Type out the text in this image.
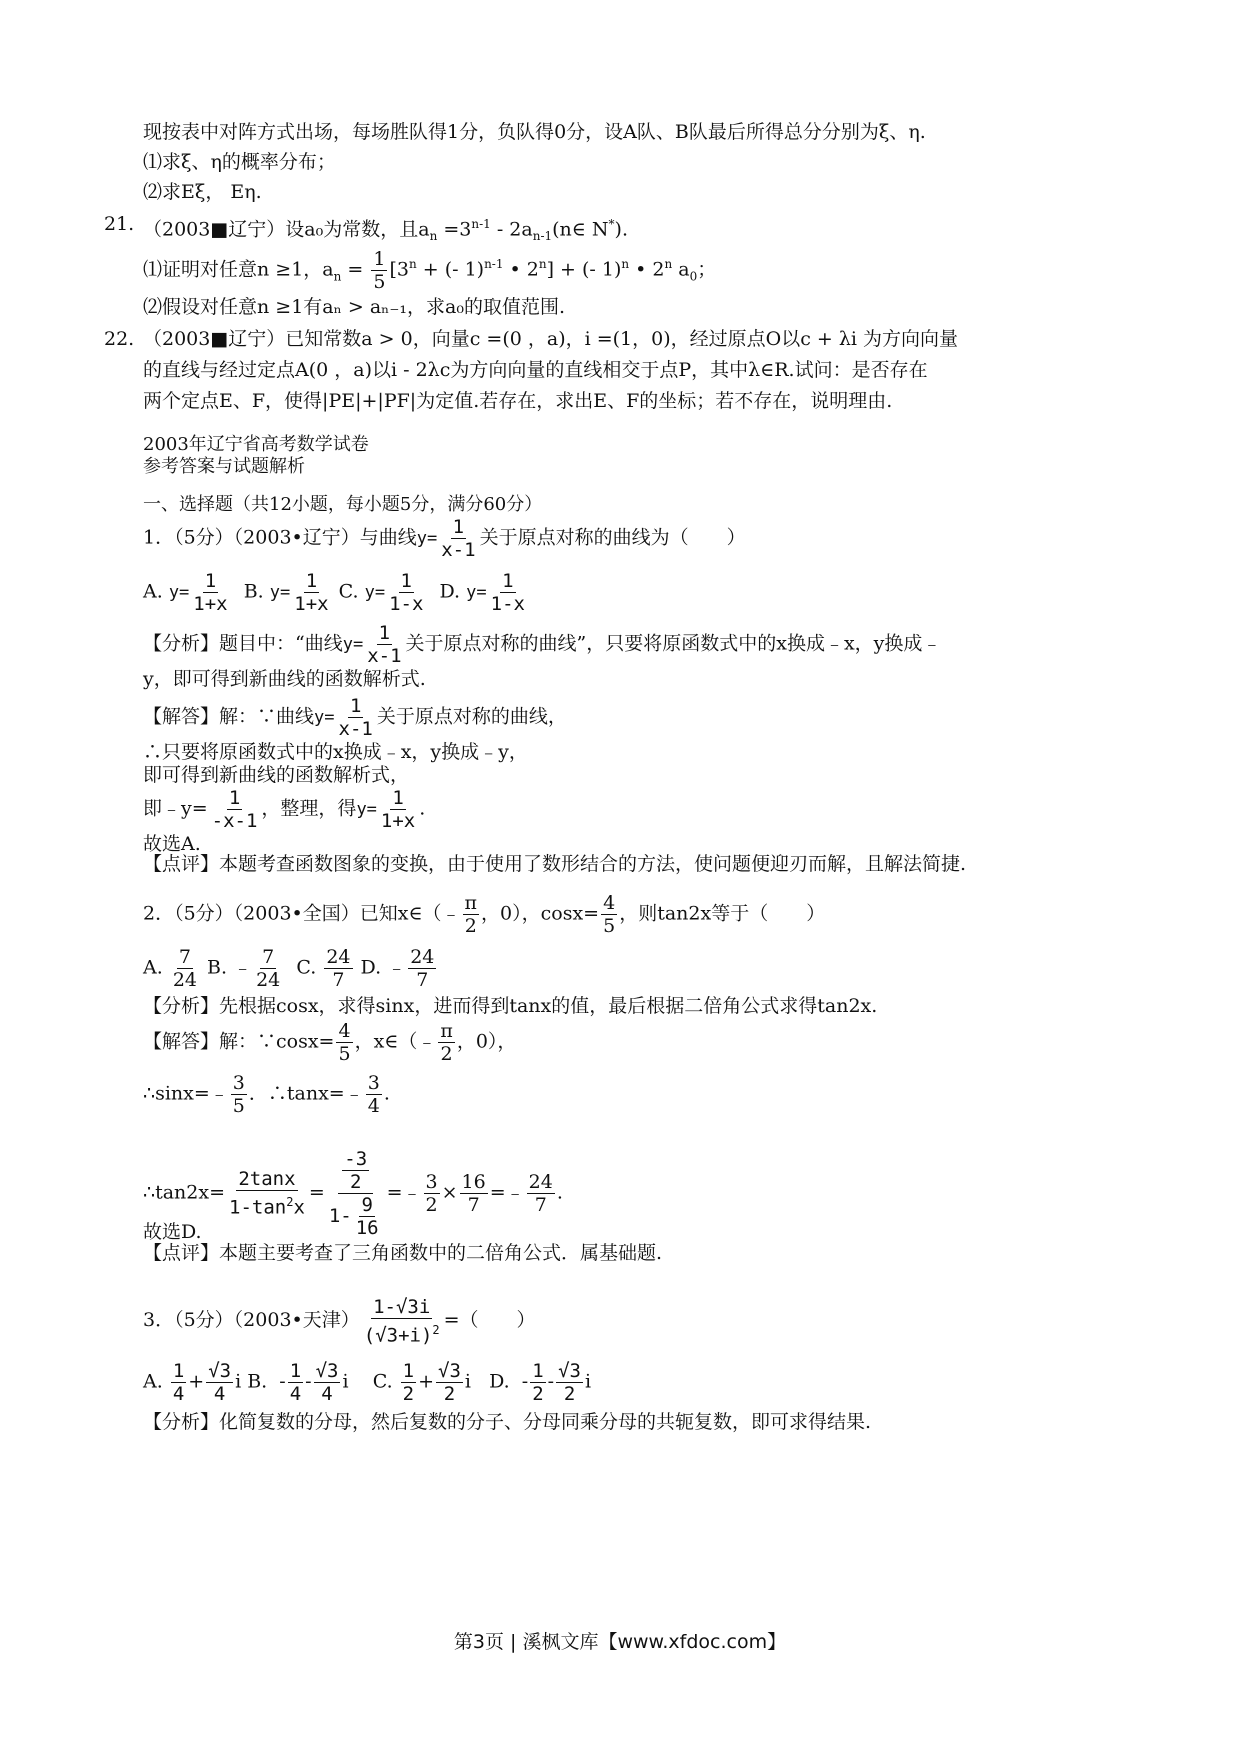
现按表中对阵方式出场，每场胜队得1分，负队得0分，设A队、B队最后所得总分分别为ξ、η.
⑴求ξ、η的概率分布；
⑵求Eξ， Eη.
21. （2003■辽宁）设a₀为常数，且$a_n =3^{n-1}$ - $2a_{n-1}(n\in$ N*).
⑴证明对任意n ≥1，$a_n = \frac{1}{5} [3^n$ + (- 1)$^{n-1}$ • $2^n$] + (- 1)$^n$ • 2$^n$ $a_0$；
⑵假设对任意n ≥1有aₙ > aₙ₋₁，求a₀的取值范围.
22. （2003■辽宁）已知常数a > 0，向量c =(0 ，a)，i =(1，0)，经过原点O以c + λi 为方向向量
的直线与经过定点A(0 ，a)以i - 2λc为方向向量的直线相交于点P，其中λ∈R.试问：是否存在
两个定点E、F，使得|PE|+|PF|为定值.若存在，求出E、F的坐标；若不存在，说明理由.
2003年辽宁省高考数学试卷
参考答案与试题解析
一、选择题（共12小题，每小题5分，满分60分）
1．（5分）（2003•辽宁）与曲线$y= \frac{1}{x-1}$ 关于原点对称的曲线为（　　）
A. $y= \frac{1}{1+x} B$. $y= \frac{1}{1+x} C$. $y= \frac{1}{1-x} D$. $y= \frac{1}{1-x}$
【分析】题目中：“曲线$y= \frac{1}{x-1}$ 关于原点对称的曲线”，只要将原函数式中的x换成﹣x，y换成﹣
y，即可得到新曲线的函数解析式.
【解答】解：∵曲线$y= \frac{1}{x-1}$ 关于原点对称的曲线，
∴只要将原函数式中的x换成﹣x，y换成﹣y，
即可得到新曲线的函数解析式，
即﹣y= $\frac{1}{-x-1}$ ，整理，得$y= \frac{1}{1+x}$ .
故选A.
【点评】本题考查函数图象的变换，由于使用了数形结合的方法，使问题便迎刃而解，且解法简捷.
2．（5分）（2003•全国）已知x∈（﹣ $\frac{\pi}{2}$ ，0），$\cos x= \frac{4}{5}$ ，则tan2x等于（　　）
A. $\frac{7}{24} B$. ﹣ $\frac{7}{24} C$. $\frac{24}{7} D$. ﹣ $\frac{24}{7}$
【分析】先根据cosx，求得sinx，进而得到tanx的值，最后根据二倍角公式求得tan2x.
【解答】解：∵cosx= $\frac{4}{5}$ ，x∈（﹣ $\frac{\pi}{2}$ ，0），
∴sinx=﹣ $\frac{3}{5}$ ．∴tanx=﹣ $\frac{3}{4}$ .
∴tan2x= $\frac{2\tan x}{1-\tan^2x} = \frac{\frac{-3}{2}}{1- \frac{9}{16}}$ =﹣ $\frac{3}{2} \times \frac{16}{7}$ =﹣ $\frac{24}{7}$ .
故选D.
【点评】本题主要考查了三角函数中的二倍角公式．属基础题.
3．（5分）（2003•天津） $\frac{1-√3i}{(√3+i)^2}$ =（　　）
A. $\frac{1}{4} + \frac{√3}{4}$ i B.  - $\frac{1}{4} - \frac{√3}{4}$ i    C. $\frac{1}{2} + \frac{√3}{2}$ i   D.  - $\frac{1}{2} - \frac{√3}{2}$ i
【分析】化简复数的分母，然后复数的分子、分母同乘分母的共轭复数，即可求得结果.
第3页 | 溪枫文库【www.xfdoc.com】
